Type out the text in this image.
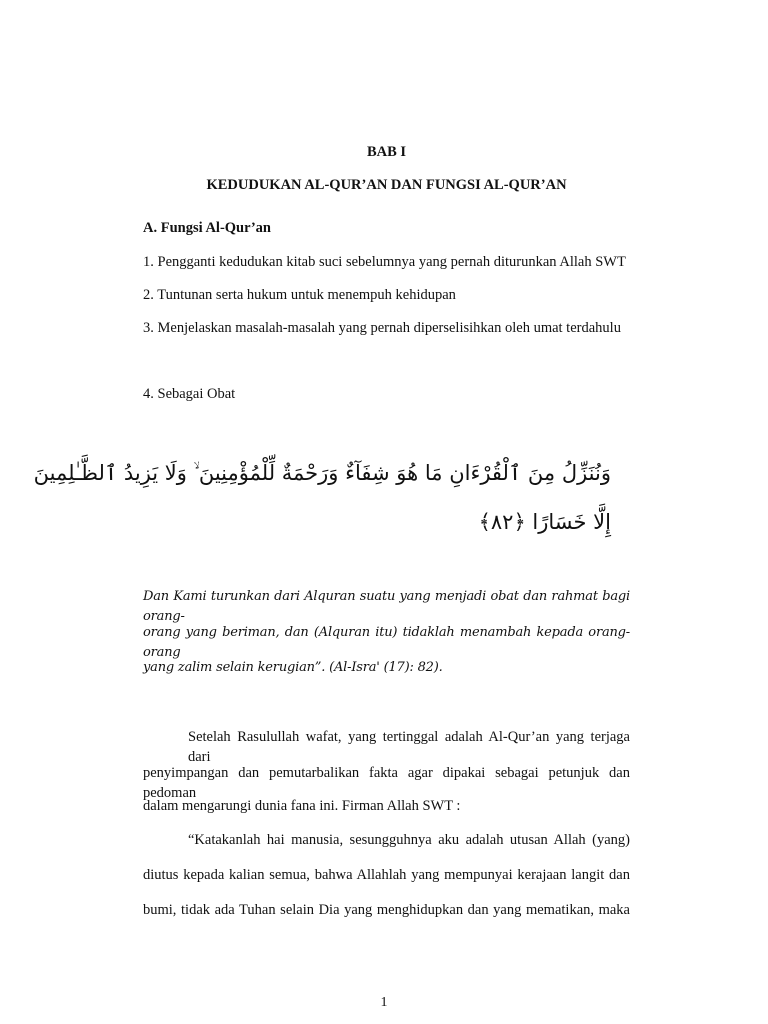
BAB I
KEDUDUKAN AL-QUR’AN DAN FUNGSI AL-QUR’AN
A. Fungsi Al-Qur’an
1. Pengganti kedudukan kitab suci sebelumnya yang pernah diturunkan Allah SWT
2. Tuntunan serta hukum untuk menempuh kehidupan
3. Menjelaskan masalah-masalah yang pernah diperselisihkan oleh umat terdahulu
4. Sebagai Obat
وَنُنَزِّلُ مِنَ ٱلْقُرْءَانِ مَا هُوَ شِفَآءٌ وَرَحْمَةٌ لِّلْمُؤْمِنِينَ ۙ وَلَا يَزِيدُ ٱلظَّـٰلِمِينَ
إِلَّا خَسَارًا ﴿٨٢﴾
Dan Kami turunkan dari Alquran suatu yang menjadi obat dan rahmat bagi orang-
orang yang beriman, dan (Alquran itu) tidaklah menambah kepada orang-orang
yang zalim selain kerugian”. (Al-Isra' (17): 82).
Setelah Rasulullah wafat, yang tertinggal adalah Al-Qur’an yang terjaga dari
penyimpangan dan pemutarbalikan fakta agar dipakai sebagai petunjuk dan pedoman
dalam mengarungi dunia fana ini. Firman Allah SWT :
“Katakanlah hai manusia, sesungguhnya aku adalah utusan Allah (yang)
diutus kepada kalian semua, bahwa Allahlah yang mempunyai kerajaan langit dan
bumi, tidak ada Tuhan selain Dia yang menghidupkan dan yang mematikan, maka
1
